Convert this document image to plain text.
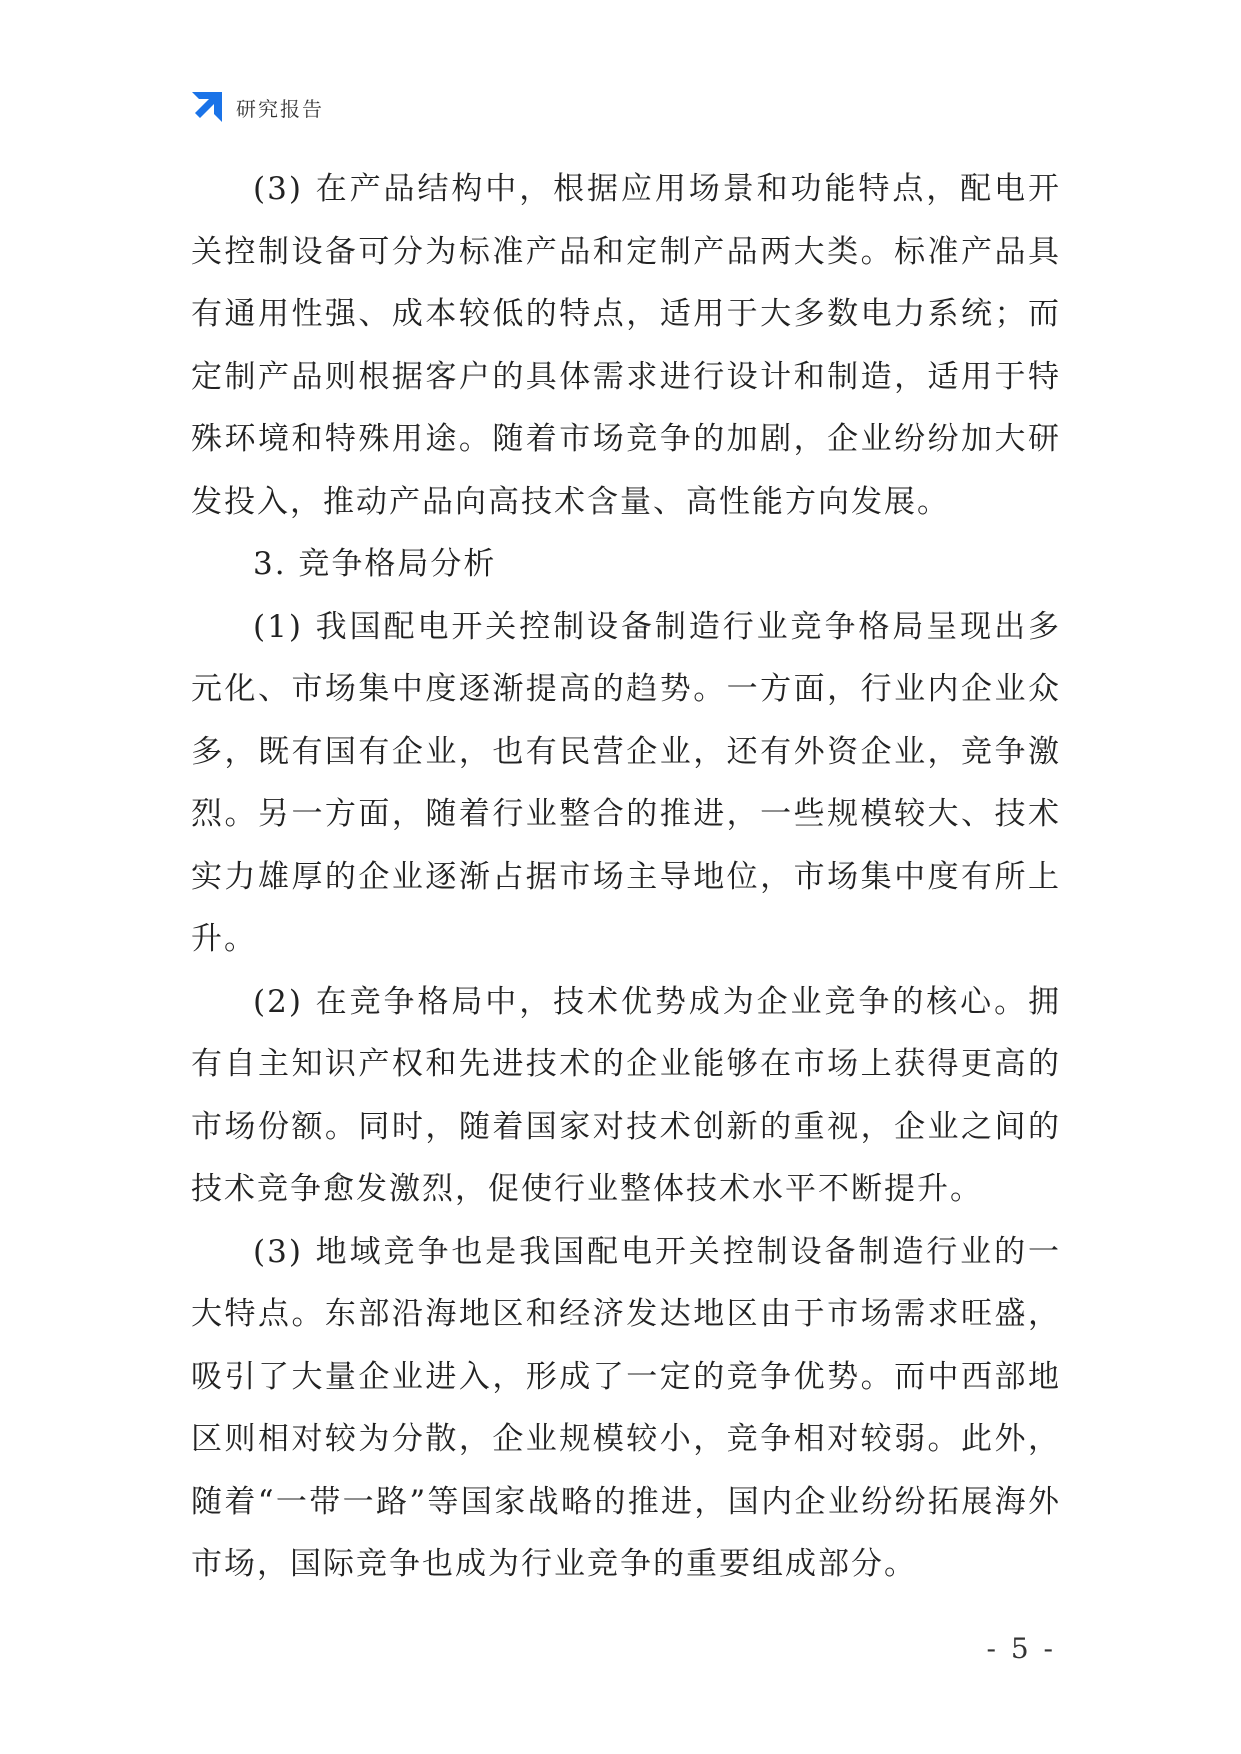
研究报告

(3) 在产品结构中，根据应用场景和功能特点，配电开关控制设备可分为标准产品和定制产品两大类。标准产品具有通用性强、成本较低的特点，适用于大多数电力系统；而定制产品则根据客户的具体需求进行设计和制造，适用于特殊环境和特殊用途。随着市场竞争的加剧，企业纷纷加大研发投入，推动产品向高技术含量、高性能方向发展。

3. 竞争格局分析

(1) 我国配电开关控制设备制造行业竞争格局呈现出多元化、市场集中度逐渐提高的趋势。一方面，行业内企业众多，既有国有企业，也有民营企业，还有外资企业，竞争激烈。另一方面，随着行业整合的推进，一些规模较大、技术实力雄厚的企业逐渐占据市场主导地位，市场集中度有所上升。

(2) 在竞争格局中，技术优势成为企业竞争的核心。拥有自主知识产权和先进技术的企业能够在市场上获得更高的市场份额。同时，随着国家对技术创新的重视，企业之间的技术竞争愈发激烈，促使行业整体技术水平不断提升。

(3) 地域竞争也是我国配电开关控制设备制造行业的一大特点。东部沿海地区和经济发达地区由于市场需求旺盛，吸引了大量企业进入，形成了一定的竞争优势。而中西部地区则相对较为分散，企业规模较小，竞争相对较弱。此外，随着“一带一路”等国家战略的推进，国内企业纷纷拓展海外市场，国际竞争也成为行业竞争的重要组成部分。

- 5 -
